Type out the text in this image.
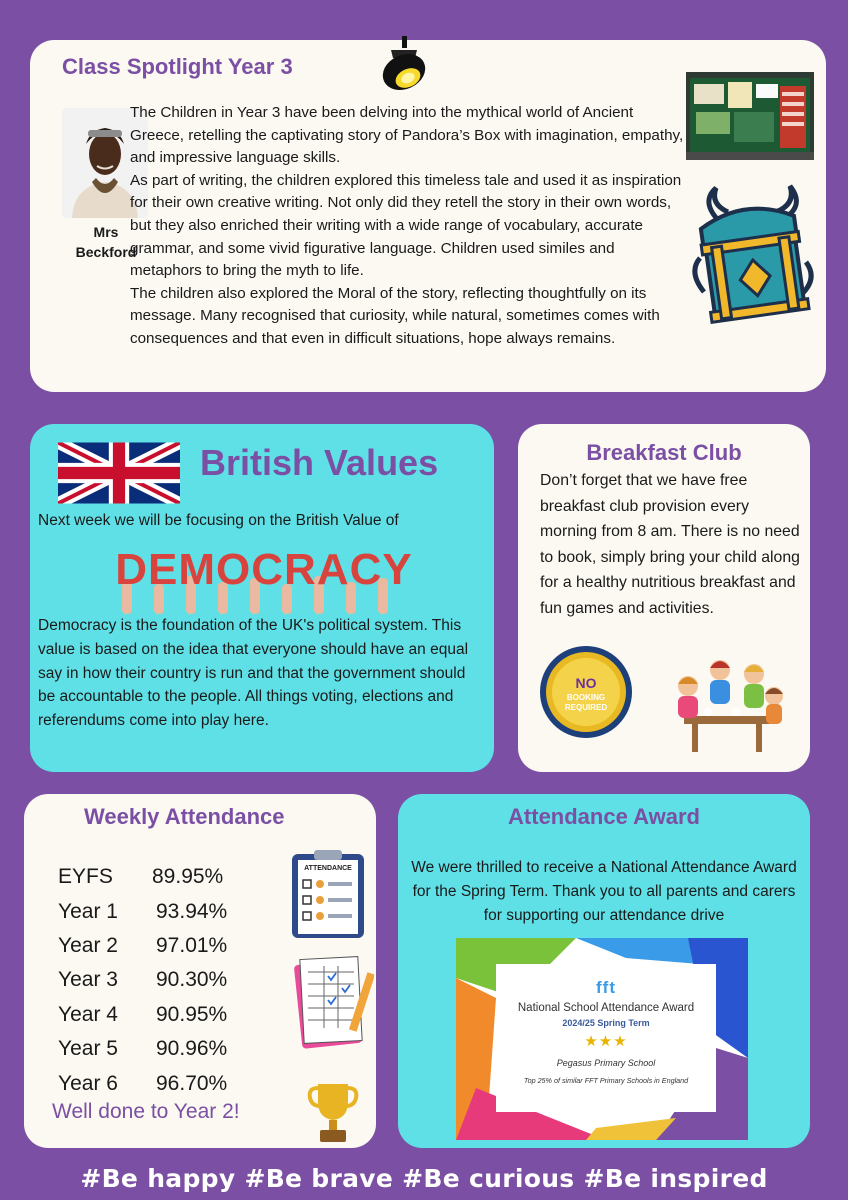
Class Spotlight Year 3
Mrs
Beckford

The Children in Year 3 have been delving into the mythical world of Ancient Greece, retelling the captivating story of Pandora’s Box with imagination, empathy, and impressive language skills.

As part of writing, the children explored this timeless tale and used it as inspiration for their own creative writing. Not only did they retell the story in their own words, but they also enriched their writing with a wide range of vocabulary, accurate grammar, and some vivid figurative language. Children used similes and metaphors to bring the myth to life.

The children also explored the Moral of the story, reflecting thoughtfully on its message. Many recognised that curiosity, while natural, sometimes comes with consequences and that even in difficult situations, hope always remains.

British Values

Next week we will be focusing on the British Value of

DEMOCRACY

Democracy is the foundation of the UK's political system. This value is based on the idea that everyone should have an equal say in how their country is run and that the government should be accountable to the people. All things voting, elections and referendums come into play here.

Breakfast Club

Don’t forget that we have free breakfast club provision every morning from 8 am. There is no need to book, simply bring your child along for a healthy nutritious breakfast and fun games and activities.

NO
BOOKING
REQUIRED
Weekly Attendance
EYFS	89.95%
Year 1	93.94%
Year 2	97.01%
Year 3	90.30%
Year 4	90.95%
Year 5	90.96%
Year 6	96.70%

Well done to Year 2!

ATTENDANCE
Attendance Award

We were thrilled to receive a National Attendance Award for the Spring Term. Thank you to all parents and carers for supporting our attendance drive

fft
National School Attendance Award
2024/25 Spring Term
★★★
Pegasus Primary School
Top 25% of similar FFT Primary Schools in England
#Be happy #Be brave #Be curious #Be inspired
